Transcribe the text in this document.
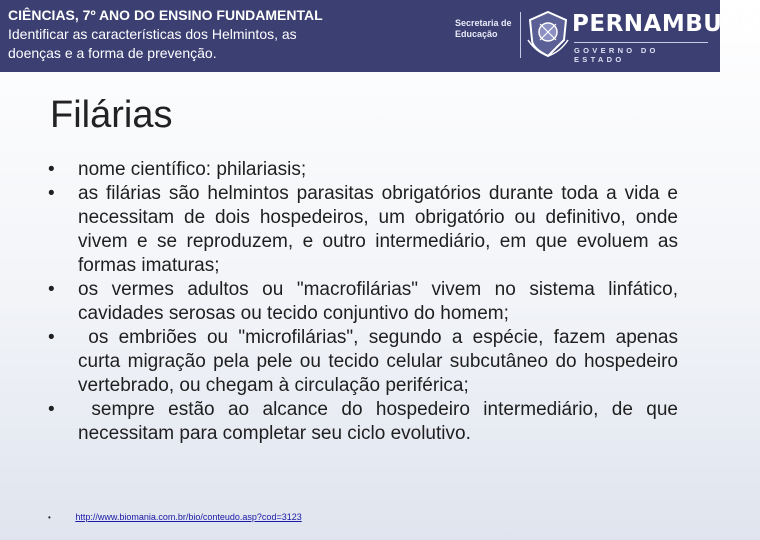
CIÊNCIAS, 7º ANO DO ENSINO FUNDAMENTAL
Identificar as características dos Helmintos, as
doenças e a forma de prevenção.
Secretaria de
Educação	PERNAMBUCO
GOVERNO DO ESTADO
Filárias
• nome científico: philariasis;
• as filárias são helmintos parasitas obrigatórios durante toda a vida e necessitam de dois hospedeiros, um obrigatório ou definitivo, onde vivem e se reproduzem, e outro intermediário, em que evoluem as formas imaturas;
• os vermes adultos ou "macrofilárias" vivem no sistema linfático, cavidades serosas ou tecido conjuntivo do homem;
• os embriões ou "microfilárias", segundo a espécie, fazem apenas curta migração pela pele ou tecido celular subcutâneo do hospedeiro vertebrado, ou chegam à circulação periférica;
• sempre estão ao alcance do hospedeiro intermediário, de que necessitam para completar seu ciclo evolutivo.
•	http://www.biomania.com.br/bio/conteudo.asp?cod=3123
